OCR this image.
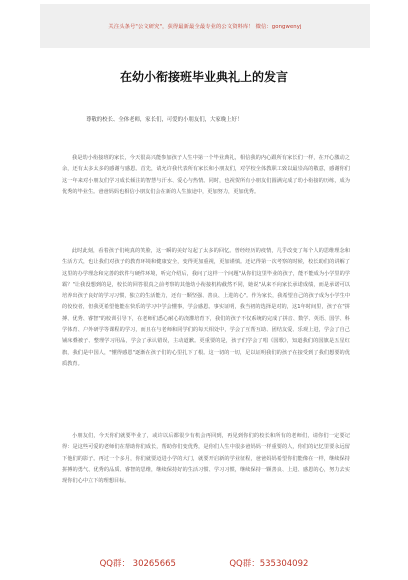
关注头条号"公文研究"，获得最新最全最专业的公文资料库！ 微信：gongwenyj
在幼小衔接班毕业典礼上的发言
尊敬的校长、全体老师，家长们，可爱的小朋友们，大家晚上好！

我是幼小衔接班的家长，今天很高兴能参加孩子人生中第一个毕业典礼，相信我的内心跟所有家长们一样，在开心激动之余，还有太多太多的感谢与感恩。首先，请允许我代表所有家长和小朋友们，对学校全体教职工致以最崇高的敬意，感谢你们这一年来对小朋友们学习成长倾注的智慧与汗水、爱心与热情。同时，也祝贺所有小朋友们圆满完成了幼小衔接的历练，成为优秀的毕业生。爸爸妈妈也相信小朋友们会在新的人生旅途中，更加努力，更加优秀。

此时此刻，看着孩子们纯真的笑脸，这一瞬的美好勾起了太多的回忆。曾经经历的疫情，几乎改变了每个人的思维理念和生活方式，也让我们对孩子的教育环境和健康安全，变得更加重视，更加谨慎。还记得第一次考察的时候，校长助们的讲解了这里的办学理念和完善的软件与硬件环境，听完介绍后，我问了这样一个问题"从你们这里毕业的孩子，能不能成为小学里的学霸？"让我没想到的是，校长的回答很真之前考察的其他幼小衔接机构截然不同，她说"从来不向家长承诺成绩，而是承诺可以培养出孩子良好的学习习惯，独立的生活能力，还有一颗坚强、善良、上进的心"。作为家长，我希望自己的孩子成为小学生中的佼佼者，但我更希望他能在快乐的学习中学会懂事，学会感恩。事实证明，我当初的选择是对的，这1年时间里，孩子在"拼搏、优秀、睿智"的校训引导下，在老师们悉心耐心的浇灌培育下，我们的孩子不仅系统的完成了拼音、数学、英语、国学、科学体育、户外研学等课程的学习，而且在与老师和同学们的每天相处中，学会了互帮互助、团结友爱、乐观上进，学会了自己铺床叠被子、整理学习用品，学会了承认错误，主动道歉。更重要的是，孩子们学会了唱《国歌》，知道我们的国旗是五星红旗，我们是中国人，"懂得感恩"逐渐在孩子们的心里扎下了根。这一切的一切，足以证明我们的孩子在接受到了我们想要的优质教育。

小朋友们，今天你们就要毕业了，或许以后都很少有机会再回到，再见到你们的校长和所有的老师们，请你们一定要记得：是这些可爱的老师们在帮助你们成长，帮助你们变优秀，是你们人生中很多爸妈妈一样重要的人，你们的记忆里要永远留下他们的影子。再过一个多月，你们就要迈进小学的大门，就要开启新的学业征程，爸爸妈妈希望你们能像在一样，继续保持拼搏的勇气、优秀的品质、睿智的思维，继续保持好的生活习惯、学习习惯，继续保持一颗善良、上进、感恩的心，努力去实现你们心中立下的理想目标。

QQ群： 30265665	QQ群：535304092
